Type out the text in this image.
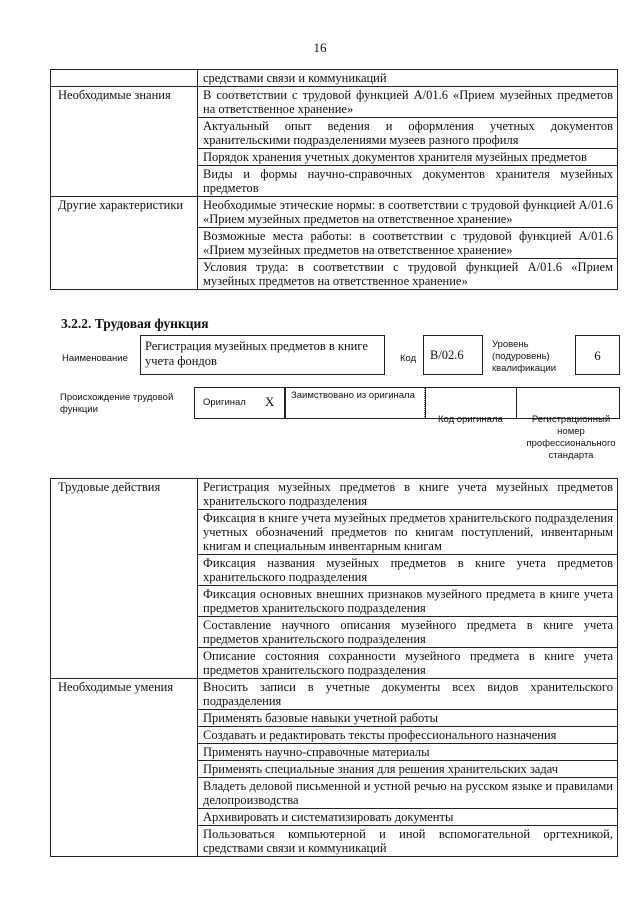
16
	средствами связи и коммуникаций
Необходимые знания	В соответствии с трудовой функцией А/01.6 «Прием музейных предметов на ответственное хранение»
	Актуальный опыт ведения и оформления учетных документов хранительскими подразделениями музеев разного профиля
	Порядок хранения учетных документов хранителя музейных предметов
	Виды и формы научно-справочных документов хранителя музейных предметов
Другие характеристики	Необходимые этические нормы: в соответствии с трудовой функцией А/01.6 «Прием музейных предметов на ответственное хранение»
	Возможные места работы: в соответствии с трудовой функцией А/01.6 «Прием музейных предметов на ответственное хранение»
	Условия труда: в соответствии с трудовой функцией А/01.6 «Прием музейных предметов на ответственное хранение»
3.2.2. Трудовая функция
Наименование
Регистрация музейных предметов в книге учета фондов	Код	B/02.6
Уровень (подуровень) квалификации
6
Происхождение трудовой функции
Оригинал X	Заимствовано из оригинала
Код оригинала	Регистрационный номер профессионального стандарта
Трудовые действия	Регистрация музейных предметов в книге учета музейных предметов хранительского подразделения
	Фиксация в книге учета музейных предметов хранительского подразделения учетных обозначений предметов по книгам поступлений, инвентарным книгам и специальным инвентарным книгам
	Фиксация названия музейных предметов в книге учета предметов хранительского подразделения
	Фиксация основных внешних признаков музейного предмета в книге учета предметов хранительского подразделения
	Составление научного описания музейного предмета в книге учета предметов хранительского подразделения
	Описание состояния сохранности музейного предмета в книге учета предметов хранительского подразделения
Необходимые умения	Вносить записи в учетные документы всех видов хранительского подразделения
	Применять базовые навыки учетной работы
	Создавать и редактировать тексты профессионального назначения
	Применять научно-справочные материалы
	Применять специальные знания для решения хранительских задач
	Владеть деловой письменной и устной речью на русском языке и правилами делопроизводства
	Архивировать и систематизировать документы
	Пользоваться компьютерной и иной вспомогательной оргтехникой, средствами связи и коммуникаций
